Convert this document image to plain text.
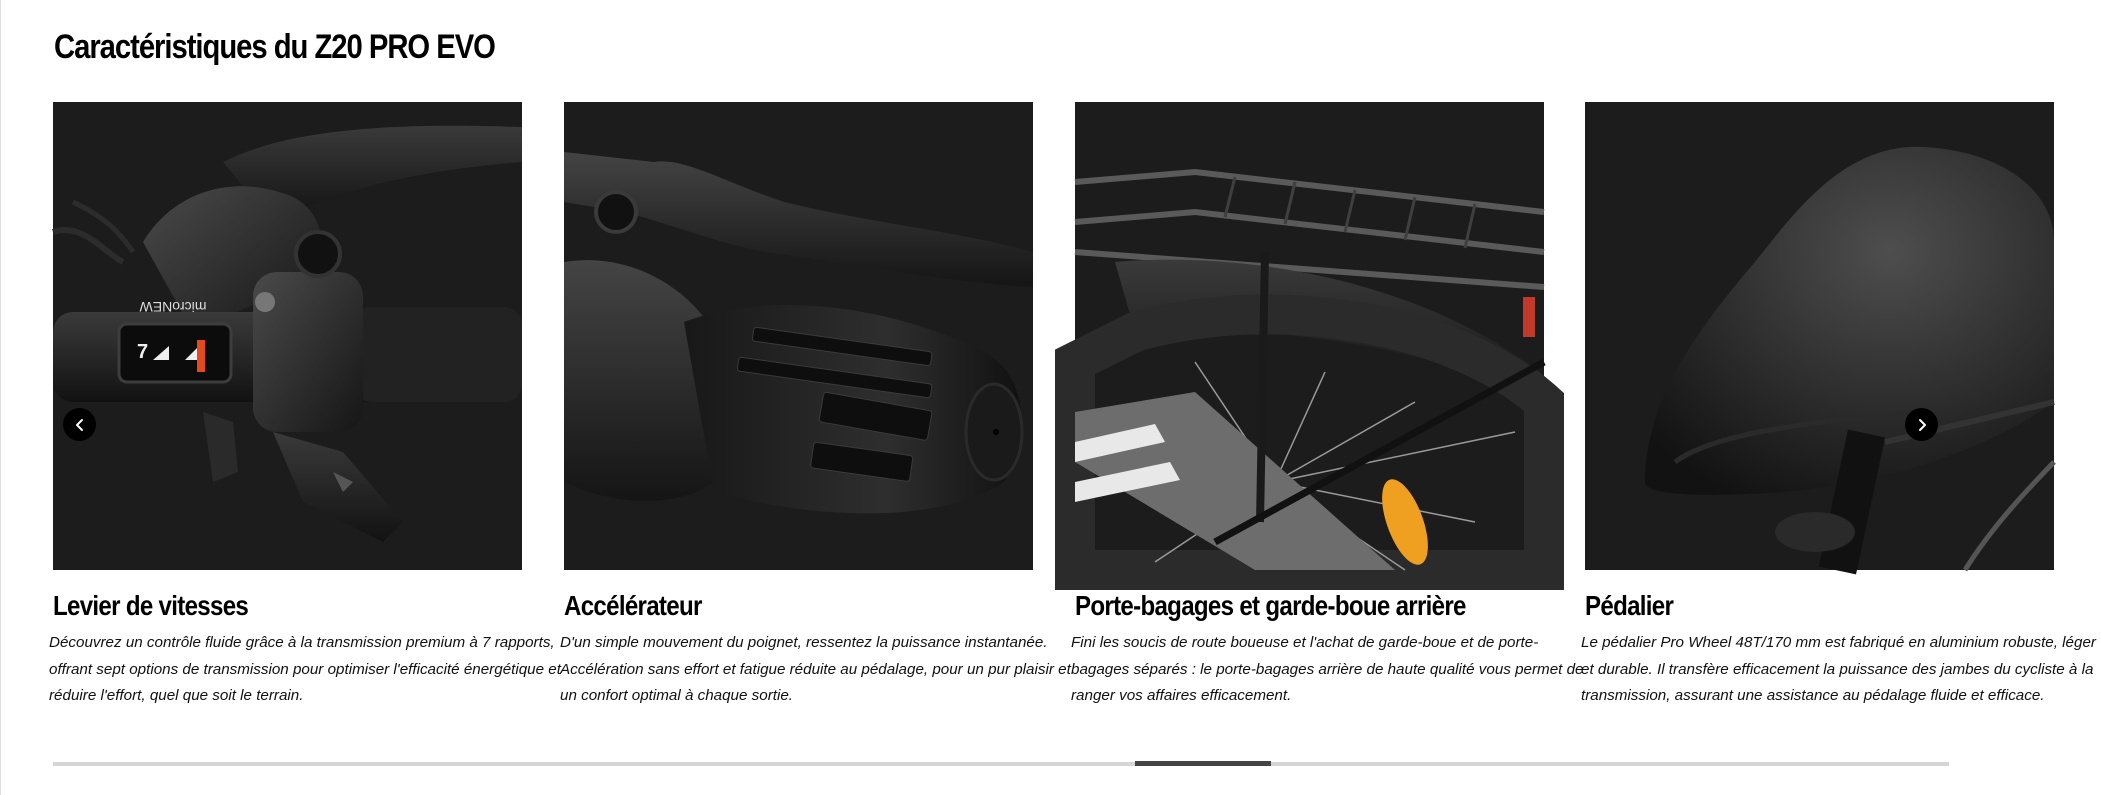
Caractéristiques du Z20 PRO EVO
microNEW
7
Levier de vitesses
Découvrez un contrôle fluide grâce à la transmission premium à 7 rapports, offrant sept options de transmission pour optimiser l'efficacité énergétique et réduire l'effort, quel que soit le terrain.
Accélérateur
D'un simple mouvement du poignet, ressentez la puissance instantanée. Accélération sans effort et fatigue réduite au pédalage, pour un pur plaisir et un confort optimal à chaque sortie.
Porte-bagages et garde-boue arrière
Fini les soucis de route boueuse et l'achat de garde-boue et de porte-bagages séparés : le porte-bagages arrière de haute qualité vous permet de ranger vos affaires efficacement.
Pédalier
Le pédalier Pro Wheel 48T/170 mm est fabriqué en aluminium robuste, léger et durable. Il transfère efficacement la puissance des jambes du cycliste à la transmission, assurant une assistance au pédalage fluide et efficace.
